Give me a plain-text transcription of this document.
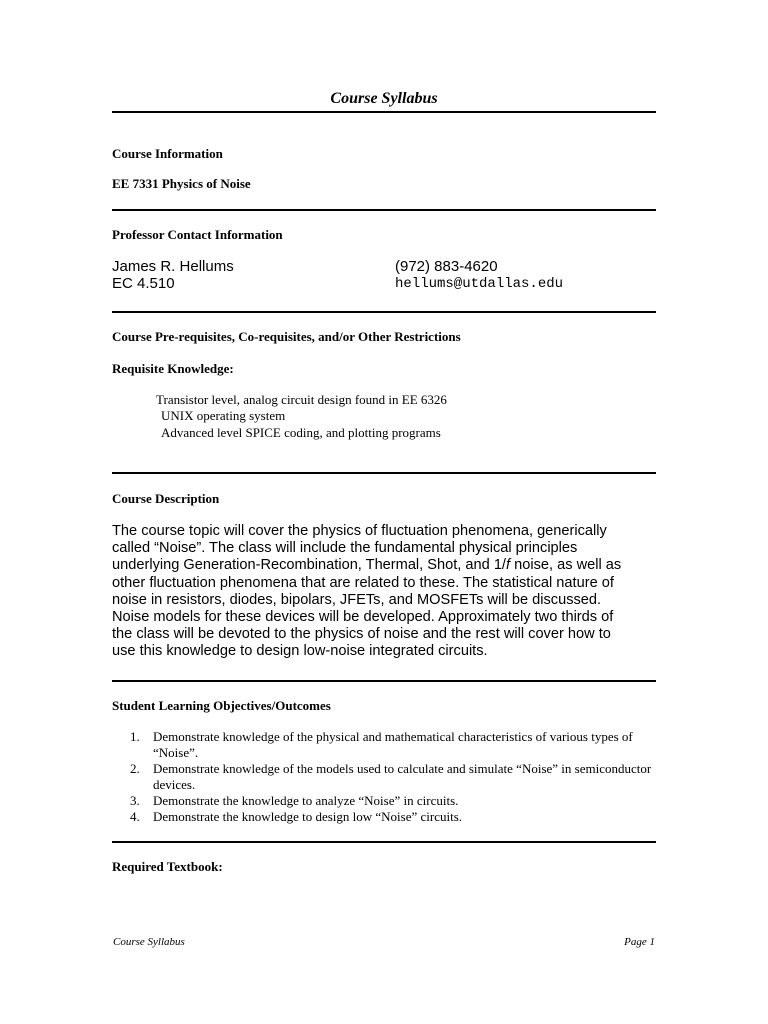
Course Syllabus
Course Information
EE 7331 Physics of Noise
Professor Contact Information
James R. Hellums
EC 4.510
(972) 883-4620
hellums@utdallas.edu
Course Pre-requisites, Co-requisites, and/or Other Restrictions
Requisite Knowledge:
Transistor level, analog circuit design found in EE 6326
UNIX operating system
Advanced level SPICE coding, and plotting programs
Course Description
The course topic will cover the physics of fluctuation phenomena, generically
called “Noise”. The class will include the fundamental physical principles
underlying Generation-Recombination, Thermal, Shot, and 1/f noise, as well as
other fluctuation phenomena that are related to these. The statistical nature of
noise in resistors, diodes, bipolars, JFETs, and MOSFETs will be discussed.
Noise models for these devices will be developed. Approximately two thirds of
the class will be devoted to the physics of noise and the rest will cover how to
use this knowledge to design low-noise integrated circuits.
Student Learning Objectives/Outcomes
1. Demonstrate knowledge of the physical and mathematical characteristics of various types of “Noise”.
2. Demonstrate knowledge of the models used to calculate and simulate “Noise” in semiconductor devices.
3. Demonstrate the knowledge to analyze “Noise” in circuits.
4. Demonstrate the knowledge to design low “Noise” circuits.
Required Textbook:
Course Syllabus	Page 1
